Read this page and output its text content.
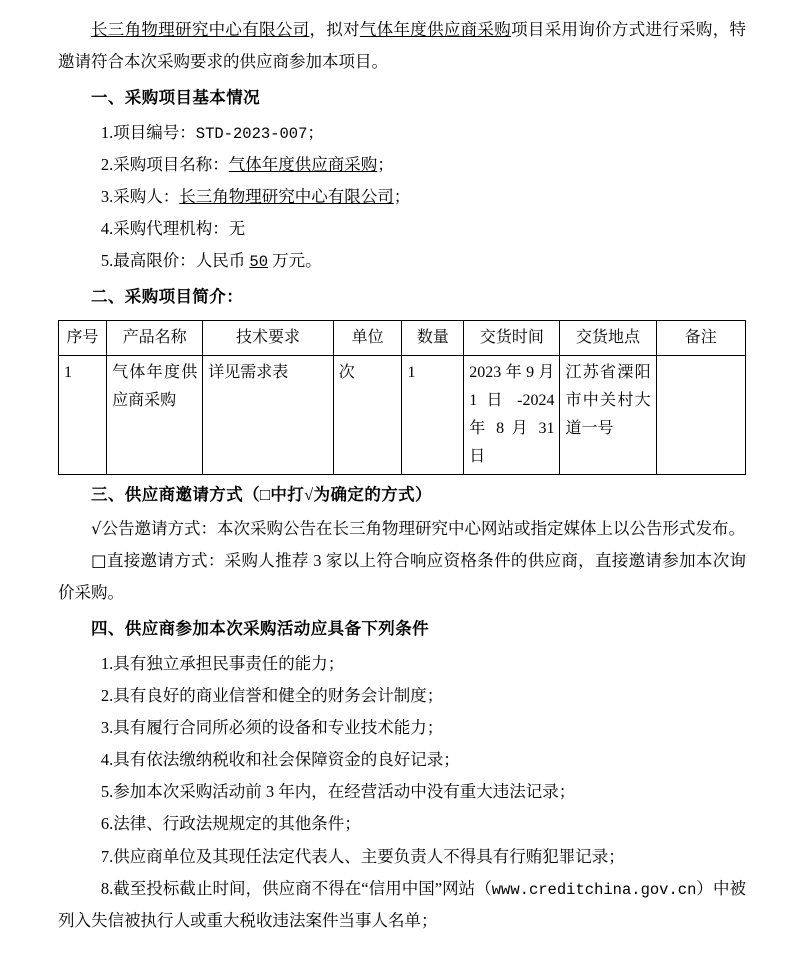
长三角物理研究中心有限公司，拟对气体年度供应商采购项目采用询价方式进行采购，特邀请符合本次采购要求的供应商参加本项目。

一、采购项目基本情况

1.项目编号：STD-2023-007；

2.采购项目名称：气体年度供应商采购；

3.采购人：长三角物理研究中心有限公司；

4.采购代理机构：无

5.最高限价：人民币 50 万元。

二、采购项目简介：

序号	产品名称	技术要求	单位	数量	交货时间	交货地点	备注
1	气体年度供应商采购	详见需求表	次	1	2023 年 9 月 1 日 -2024 年 8 月 31 日	江苏省溧阳市中关村大道一号	

三、供应商邀请方式（□中打√为确定的方式）

√公告邀请方式：本次采购公告在长三角物理研究中心网站或指定媒体上以公告形式发布。

□直接邀请方式：采购人推荐 3 家以上符合响应资格条件的供应商，直接邀请参加本次询价采购。

四、供应商参加本次采购活动应具备下列条件

1.具有独立承担民事责任的能力；

2.具有良好的商业信誉和健全的财务会计制度；

3.具有履行合同所必须的设备和专业技术能力；

4.具有依法缴纳税收和社会保障资金的良好记录；

5.参加本次采购活动前 3 年内，在经营活动中没有重大违法记录；

6.法律、行政法规规定的其他条件；

7.供应商单位及其现任法定代表人、主要负责人不得具有行贿犯罪记录；

8.截至投标截止时间，供应商不得在“信用中国”网站（www.creditchina.gov.cn）中被列入失信被执行人或重大税收违法案件当事人名单；
